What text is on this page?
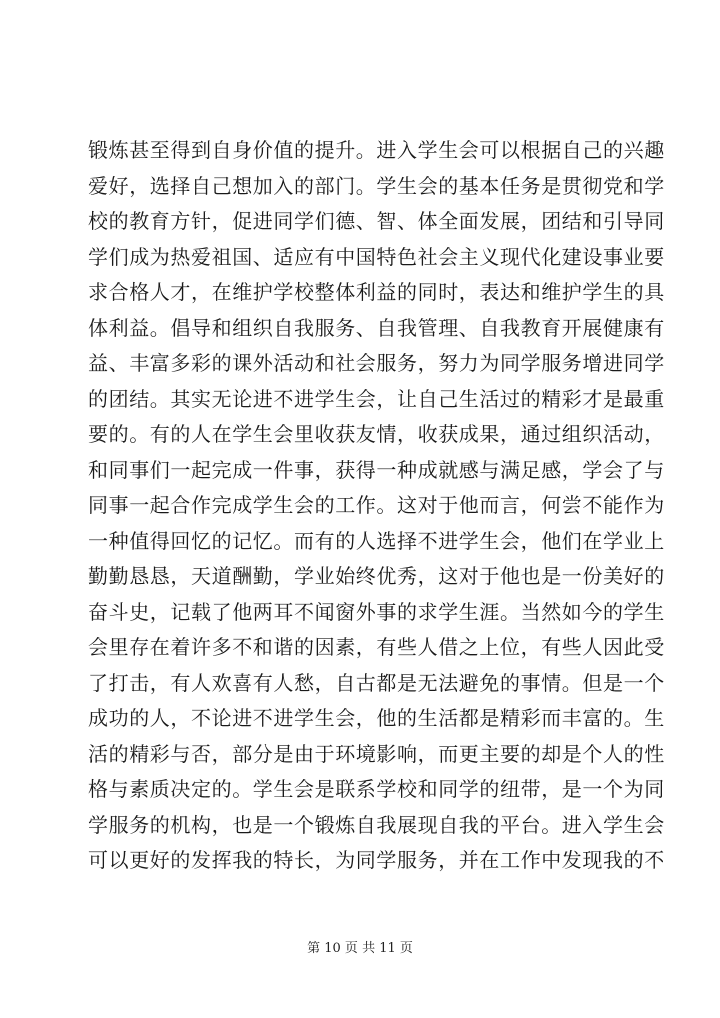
锻炼甚至得到自身价值的提升。进入学生会可以根据自己的兴趣
爱好，选择自己想加入的部门。学生会的基本任务是贯彻党和学
校的教育方针，促进同学们德、智、体全面发展，团结和引导同
学们成为热爱祖国、适应有中国特色社会主义现代化建设事业要
求合格人才，在维护学校整体利益的同时，表达和维护学生的具
体利益。倡导和组织自我服务、自我管理、自我教育开展健康有
益、丰富多彩的课外活动和社会服务，努力为同学服务增进同学
的团结。其实无论进不进学生会，让自己生活过的精彩才是最重
要的。有的人在学生会里收获友情，收获成果，通过组织活动，
和同事们一起完成一件事，获得一种成就感与满足感，学会了与
同事一起合作完成学生会的工作。这对于他而言，何尝不能作为
一种值得回忆的记忆。而有的人选择不进学生会，他们在学业上
勤勤恳恳，天道酬勤，学业始终优秀，这对于他也是一份美好的
奋斗史，记载了他两耳不闻窗外事的求学生涯。当然如今的学生
会里存在着许多不和谐的因素，有些人借之上位，有些人因此受
了打击，有人欢喜有人愁，自古都是无法避免的事情。但是一个
成功的人，不论进不进学生会，他的生活都是精彩而丰富的。生
活的精彩与否，部分是由于环境影响，而更主要的却是个人的性
格与素质决定的。学生会是联系学校和同学的纽带，是一个为同
学服务的机构，也是一个锻炼自我展现自我的平台。进入学生会
可以更好的发挥我的特长，为同学服务，并在工作中发现我的不
第 10 页 共 11 页
